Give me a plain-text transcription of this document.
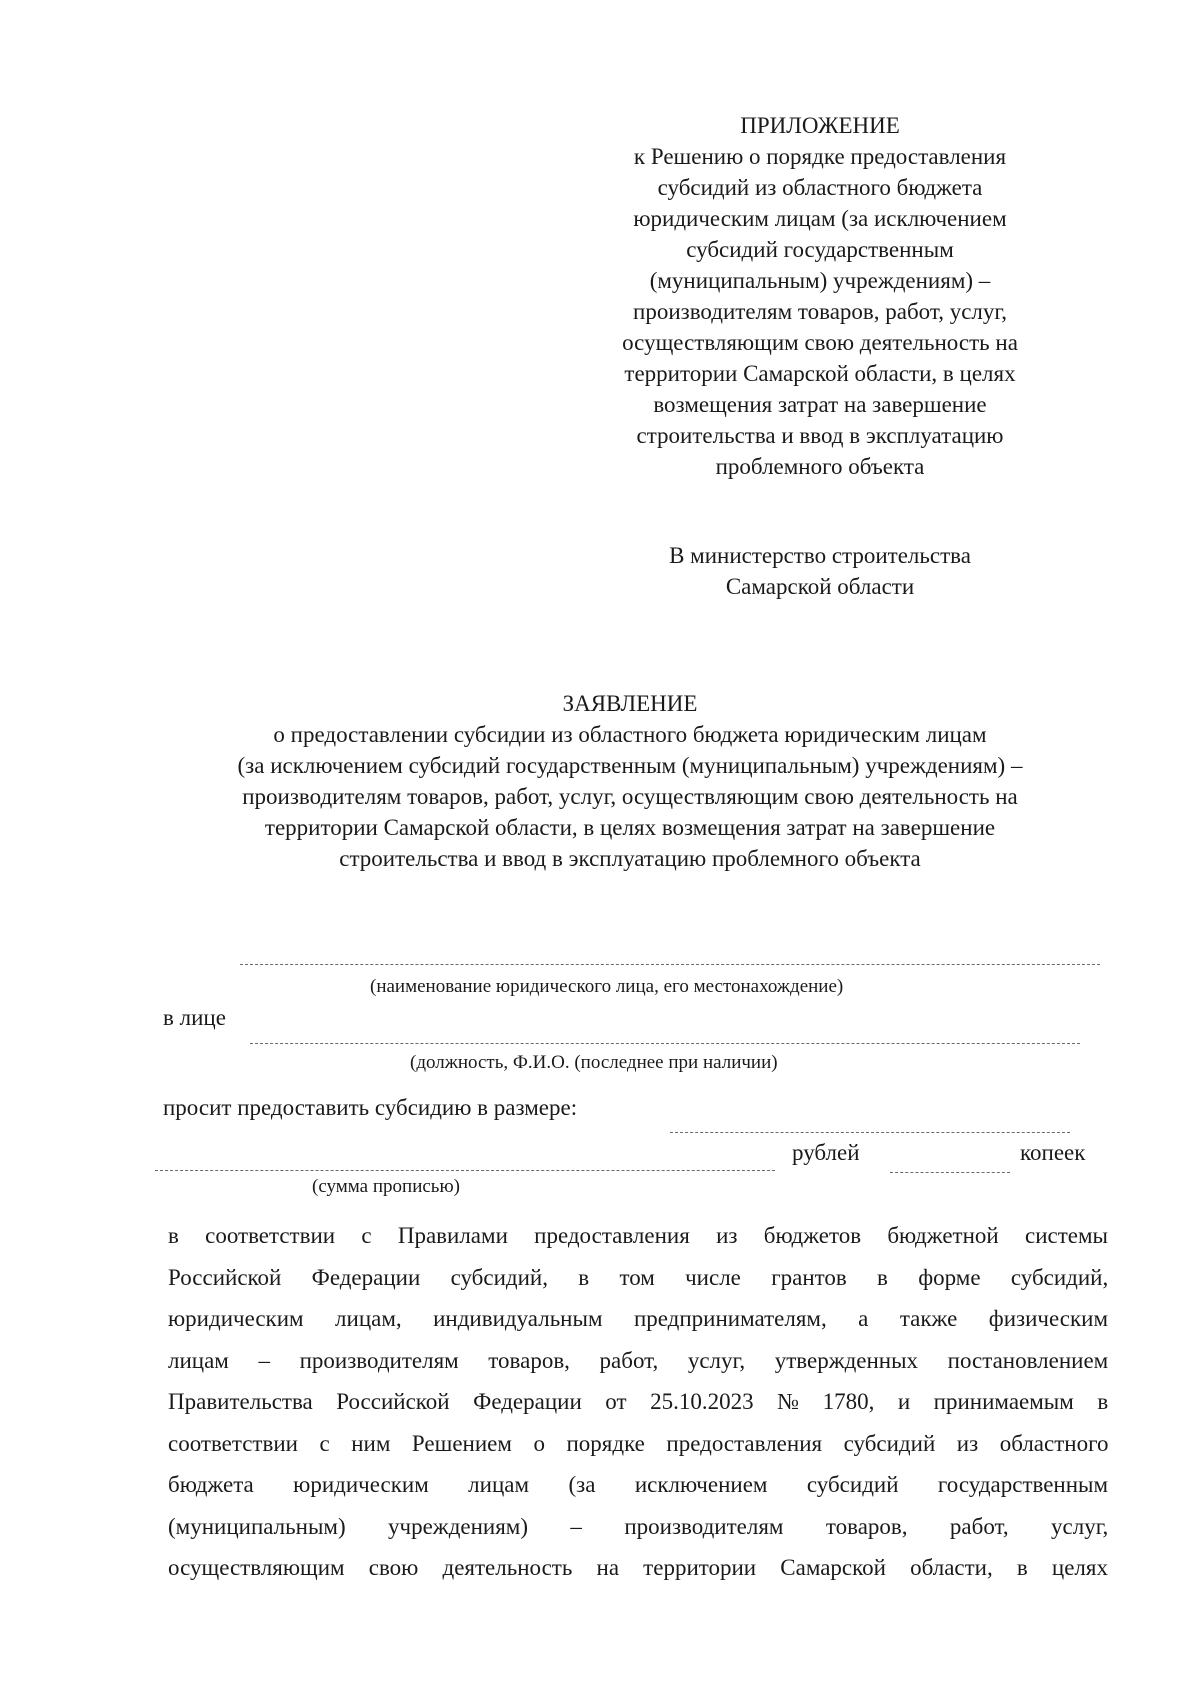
ПРИЛОЖЕНИЕ
к Решению о порядке предоставления
субсидий из областного бюджета
юридическим лицам (за исключением
субсидий государственным
(муниципальным) учреждениям) –
производителям товаров, работ, услуг,
осуществляющим свою деятельность на
территории Самарской области, в целях
возмещения затрат на завершение
строительства и ввод в эксплуатацию
проблемного объекта
В министерство строительства
Самарской области
ЗАЯВЛЕНИЕ
о предоставлении субсидии из областного бюджета юридическим лицам
(за исключением субсидий государственным (муниципальным) учреждениям) –
производителям товаров, работ, услуг, осуществляющим свою деятельность на
территории Самарской области, в целях возмещения затрат на завершение
строительства и ввод в эксплуатацию проблемного объекта
(наименование юридического лица, его местонахождение)
в лице
(должность, Ф.И.О. (последнее при наличии)
просит предоставить субсидию в размере:
рублей	копеек
(сумма прописью)
в соответствии с Правилами предоставления из бюджетов бюджетной системы
Российской Федерации субсидий, в том числе грантов в форме субсидий,
юридическим лицам, индивидуальным предпринимателям, а также физическим
лицам – производителям товаров, работ, услуг, утвержденных постановлением
Правительства Российской Федерации от 25.10.2023 № 1780, и принимаемым в
соответствии с ним Решением о порядке предоставления субсидий из областного
бюджета юридическим лицам (за исключением субсидий государственным
(муниципальным) учреждениям) – производителям товаров, работ, услуг,
осуществляющим свою деятельность на территории Самарской области, в целях
